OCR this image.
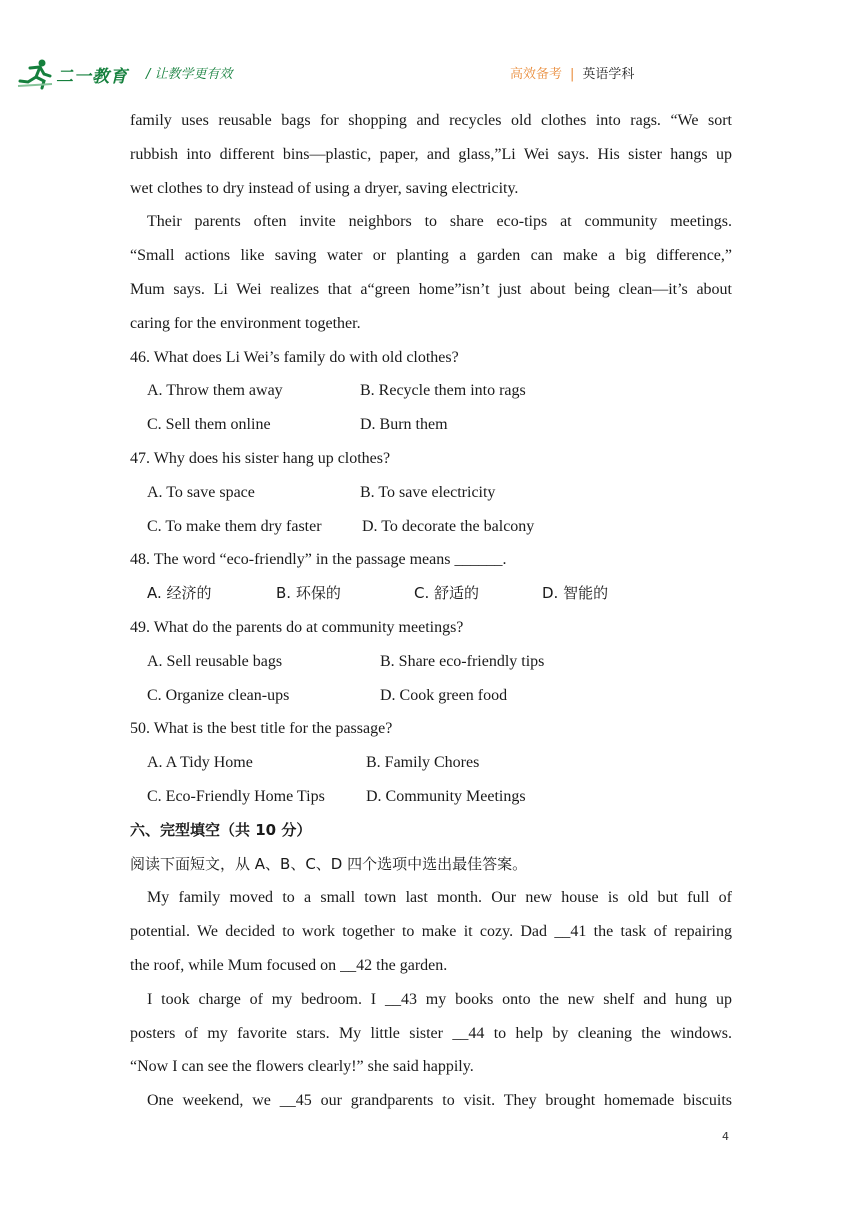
二一教育 / 让教学更有效	高效备考 | 英语学科
family uses reusable bags for shopping and recycles old clothes into rags. “We sort
rubbish into different bins—plastic, paper, and glass,”Li Wei says. His sister hangs up
wet clothes to dry instead of using a dryer, saving electricity.
Their parents often invite neighbors to share eco-tips at community meetings.
“Small actions like saving water or planting a garden can make a big difference,”
Mum says. Li Wei realizes that a“green home”isn’t just about being clean—it’s about
caring for the environment together.
46. What does Li Wei’s family do with old clothes?
A. Throw them away	B. Recycle them into rags
C. Sell them online	D. Burn them
47. Why does his sister hang up clothes?
A. To save space	B. To save electricity
C. To make them dry faster	D. To decorate the balcony
48. The word “eco-friendly” in the passage means ______.
A. 经济的	B. 环保的	C. 舒适的	D. 智能的
49. What do the parents do at community meetings?
A. Sell reusable bags	B. Share eco-friendly tips
C. Organize clean-ups	D. Cook green food
50. What is the best title for the passage?
A. A Tidy Home	B. Family Chores
C. Eco-Friendly Home Tips	D. Community Meetings
六、完型填空（共 10 分）
阅读下面短文，从 A、B、C、D 四个选项中选出最佳答案。
My family moved to a small town last month. Our new house is old but full of
potential. We decided to work together to make it cozy. Dad __41 the task of repairing
the roof, while Mum focused on __42 the garden.
I took charge of my bedroom. I __43 my books onto the new shelf and hung up
posters of my favorite stars. My little sister __44 to help by cleaning the windows.
“Now I can see the flowers clearly!” she said happily.
One weekend, we __45 our grandparents to visit. They brought homemade biscuits
4
